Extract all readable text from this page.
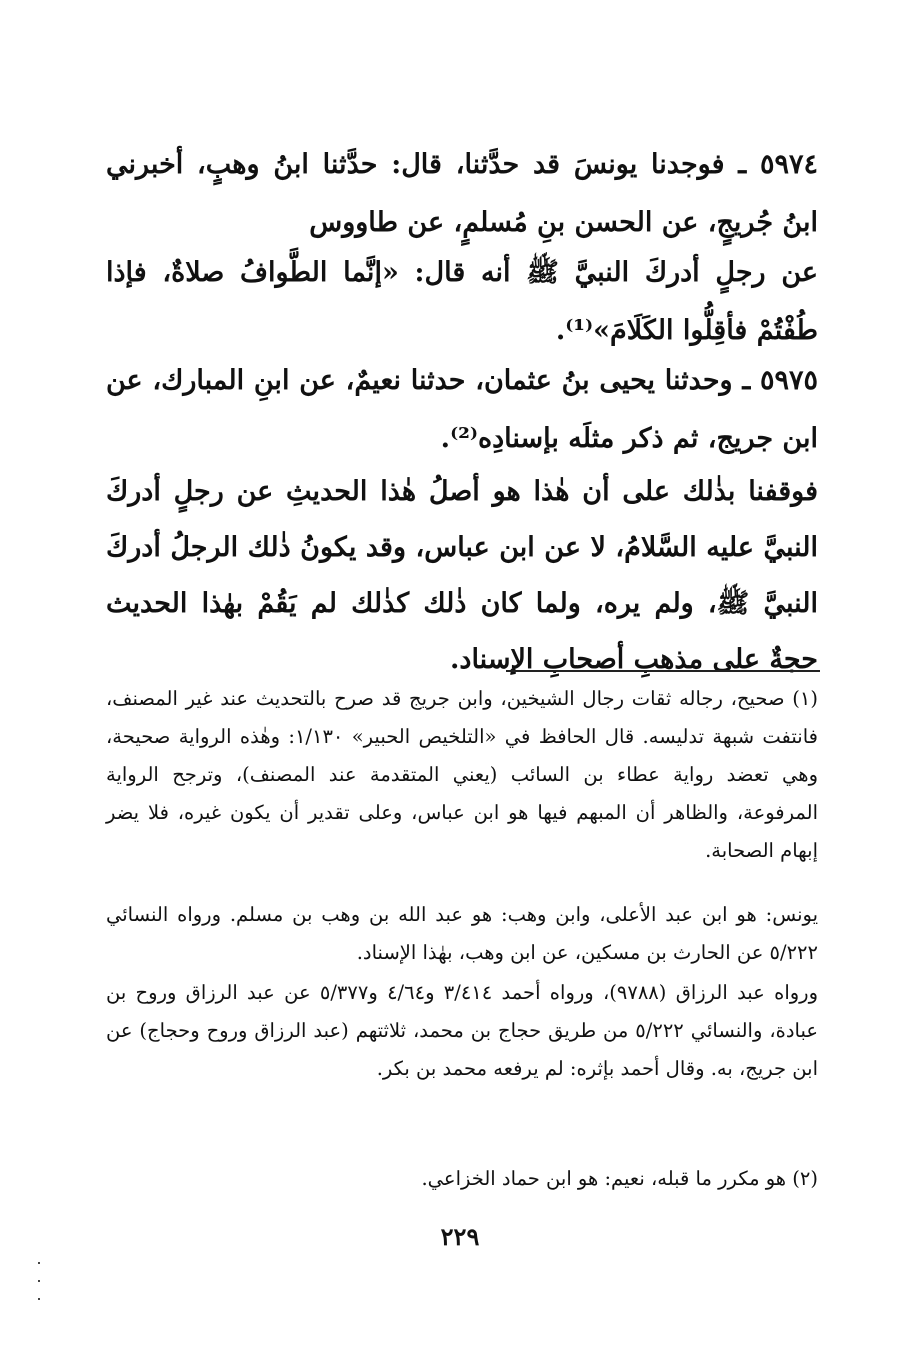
٥٩٧٤ ـ فوجدنا يونسَ قد حدَّثنا، قال: حدَّثنا ابنُ وهبٍ، أخبرني ابنُ جُريجٍ، عن الحسن بنِ مُسلمٍ، عن طاووس

عن رجلٍ أدركَ النبيَّ ﷺ أنه قال: «إنَّما الطَّوافُ صلاةٌ، فإذا طُفْتُمْ فأقِلُّوا الكَلَامَ»⁽¹⁾.

٥٩٧٥ ـ وحدثنا يحيى بنُ عثمان، حدثنا نعيمٌ، عن ابنِ المبارك، عن ابن جريج، ثم ذكر مثلَه بإسنادِه⁽²⁾.

فوقفنا بذٰلك على أن هٰذا هو أصلُ هٰذا الحديثِ عن رجلٍ أدركَ النبيَّ عليه السَّلامُ، لا عن ابن عباس، وقد يكونُ ذٰلك الرجلُ أدركَ النبيَّ ﷺ، ولم يره، ولما كان ذٰلك كذٰلك لم يَقُمْ بهٰذا الحديث حجةٌ على مذهبِ أصحابِ الإسناد.

(١) صحيح، رجاله ثقات رجال الشيخين، وابن جريج قد صرح بالتحديث عند غير المصنف، فانتفت شبهة تدليسه. قال الحافظ في «التلخيص الحبير» ١/١٣٠: وهٰذه الرواية صحيحة، وهي تعضد رواية عطاء بن السائب (يعني المتقدمة عند المصنف)، وترجح الرواية المرفوعة، والظاهر أن المبهم فيها هو ابن عباس، وعلى تقدير أن يكون غيره، فلا يضر إبهام الصحابة.

يونس: هو ابن عبد الأعلى، وابن وهب: هو عبد الله بن وهب بن مسلم. ورواه النسائي ٥/٢٢٢ عن الحارث بن مسكين، عن ابن وهب، بهٰذا الإسناد.

ورواه عبد الرزاق (٩٧٨٨)، ورواه أحمد ٣/٤١٤ و٤/٦٤ و٥/٣٧٧ عن عبد الرزاق وروح بن عبادة، والنسائي ٥/٢٢٢ من طريق حجاج بن محمد، ثلاثتهم (عبد الرزاق وروح وحجاج) عن ابن جريج، به. وقال أحمد بإثره: لم يرفعه محمد بن بكر.

(٢) هو مكرر ما قبله، نعيم: هو ابن حماد الخزاعي.

٢٢٩
